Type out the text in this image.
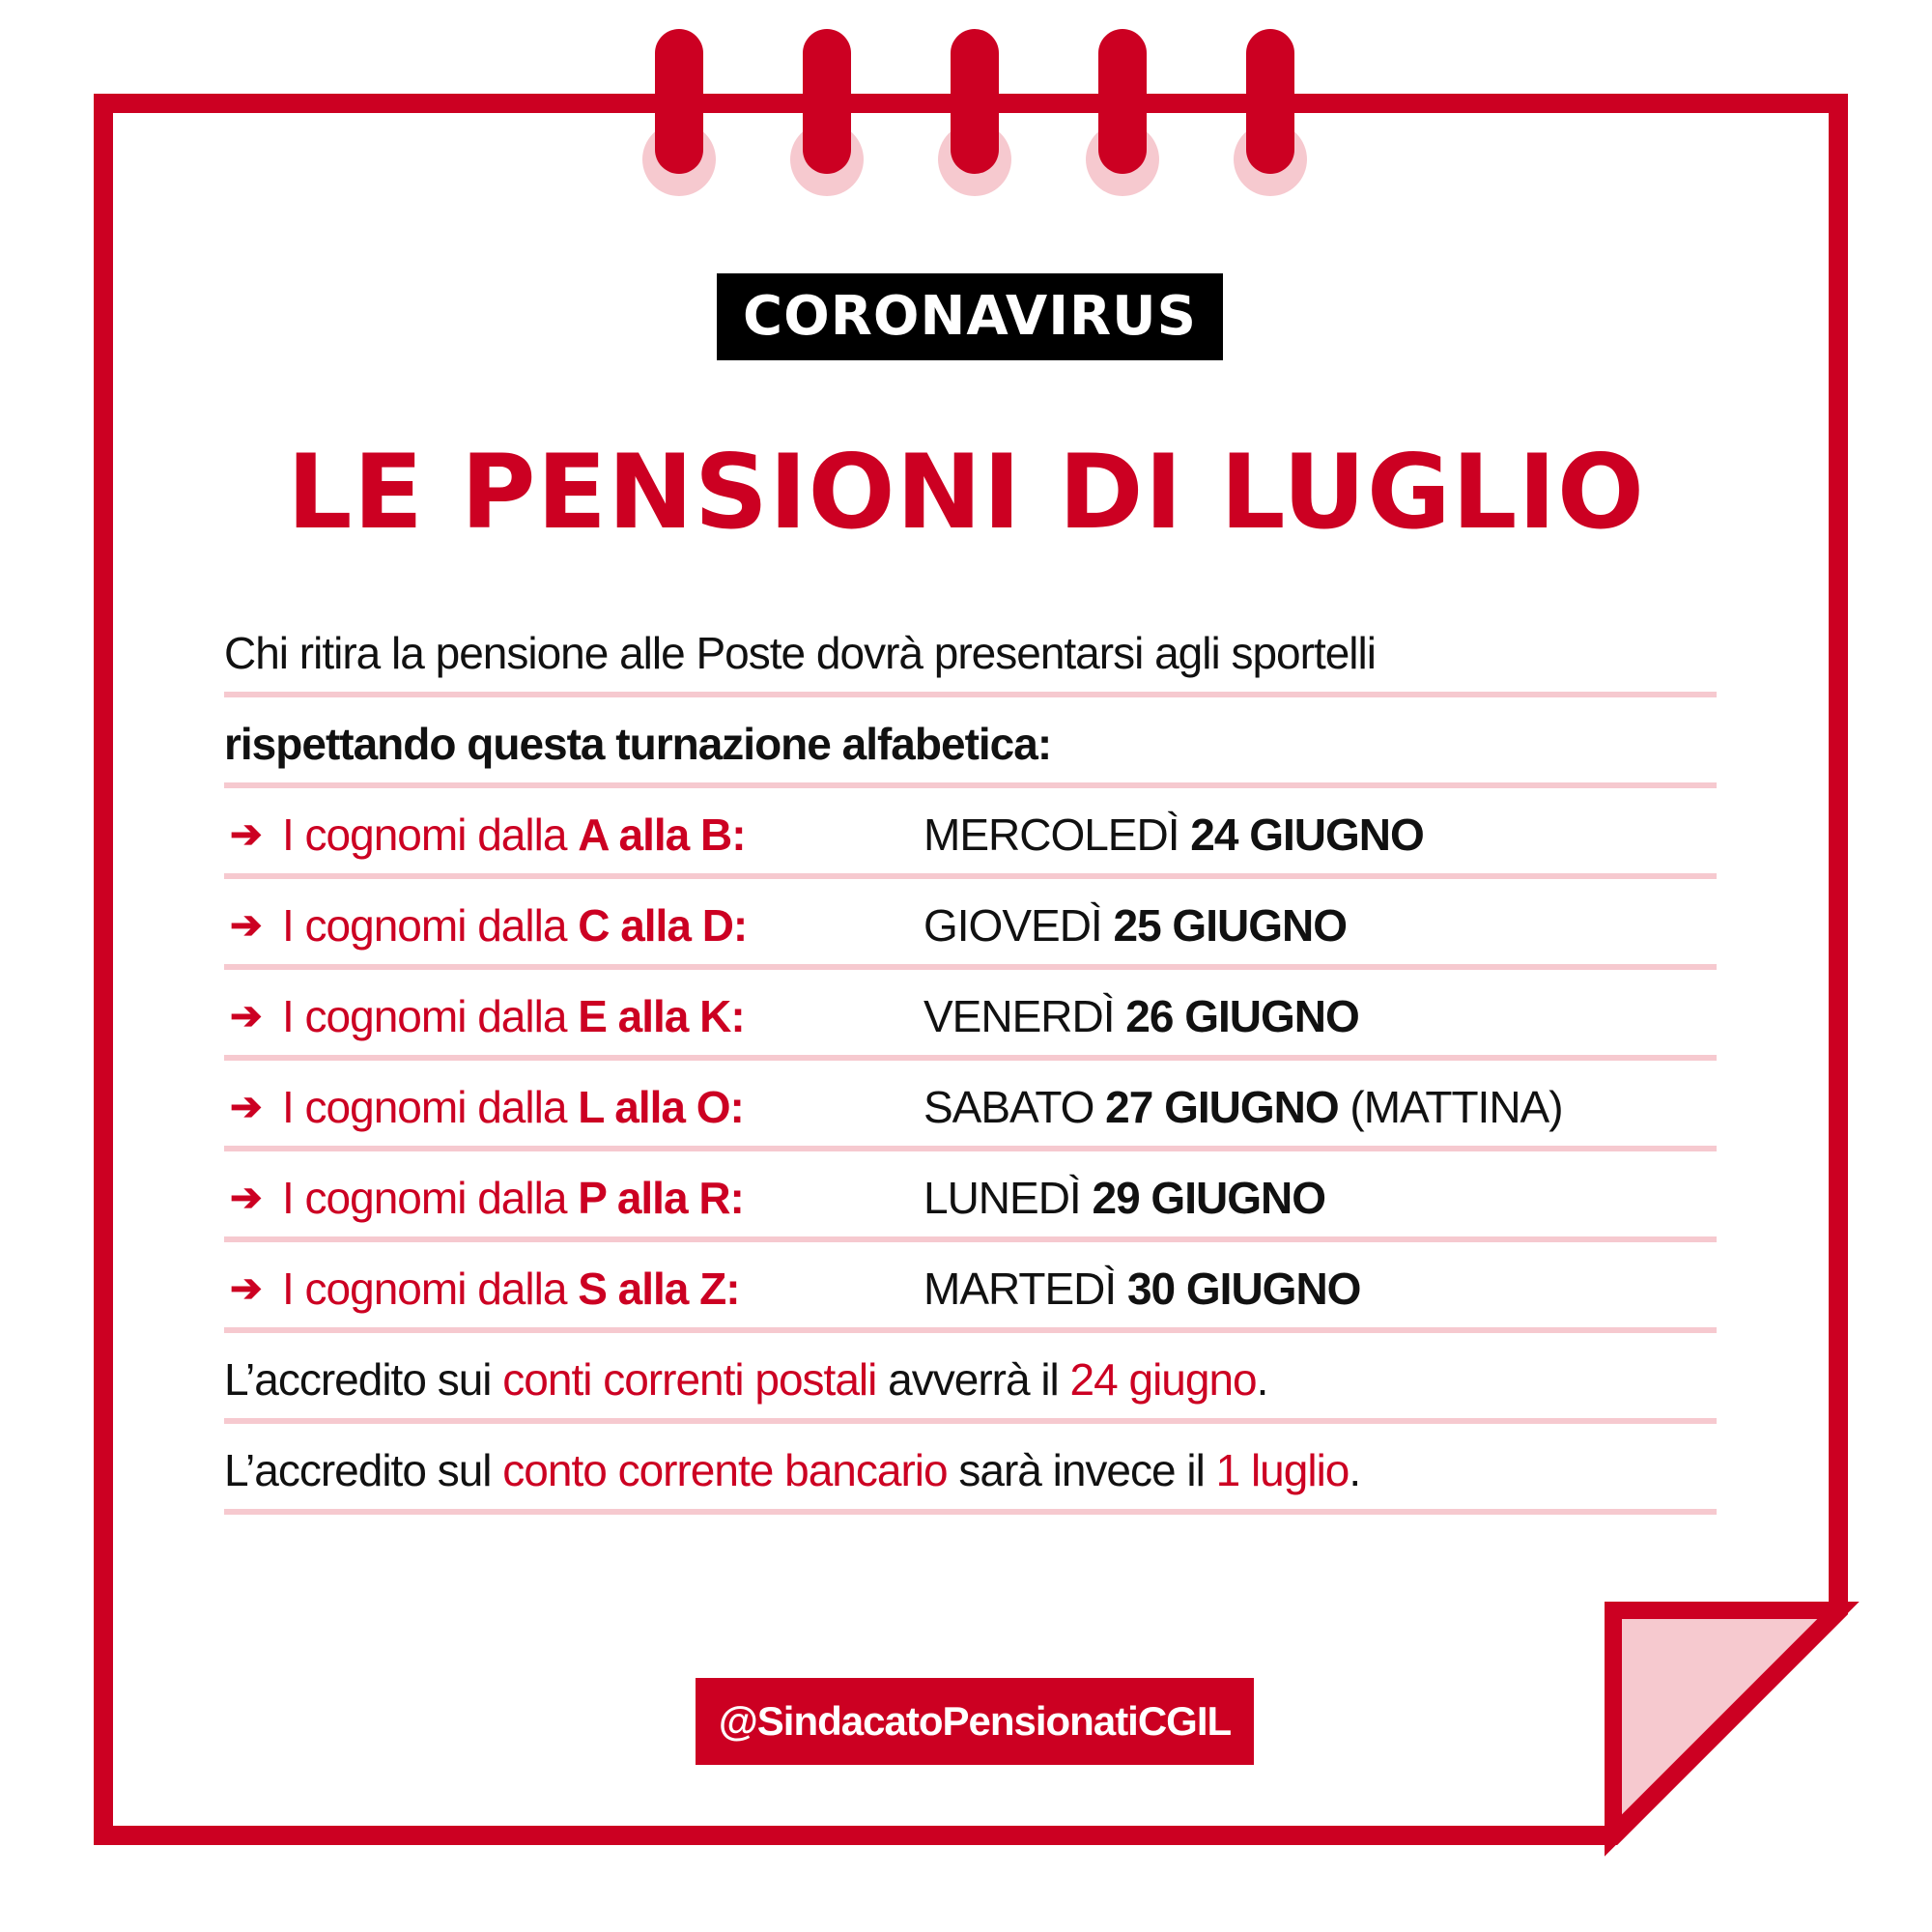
CORONAVIRUS
LE PENSIONI DI LUGLIO
Chi ritira la pensione alle Poste dovrà presentarsi agli sportelli
rispettando questa turnazione alfabetica:
➔ I cognomi dalla A alla B:	MERCOLEDÌ 24 GIUGNO
➔ I cognomi dalla C alla D:	GIOVEDÌ 25 GIUGNO
➔ I cognomi dalla E alla K:	VENERDÌ 26 GIUGNO
➔ I cognomi dalla L alla O:	SABATO 27 GIUGNO (MATTINA)
➔ I cognomi dalla P alla R:	LUNEDÌ 29 GIUGNO
➔ I cognomi dalla S alla Z:	MARTEDÌ 30 GIUGNO
L’accredito sui conti correnti postali avverrà il 24 giugno.
L’accredito sul conto corrente bancario sarà invece il 1 luglio.
@SindacatoPensionatiCGIL
